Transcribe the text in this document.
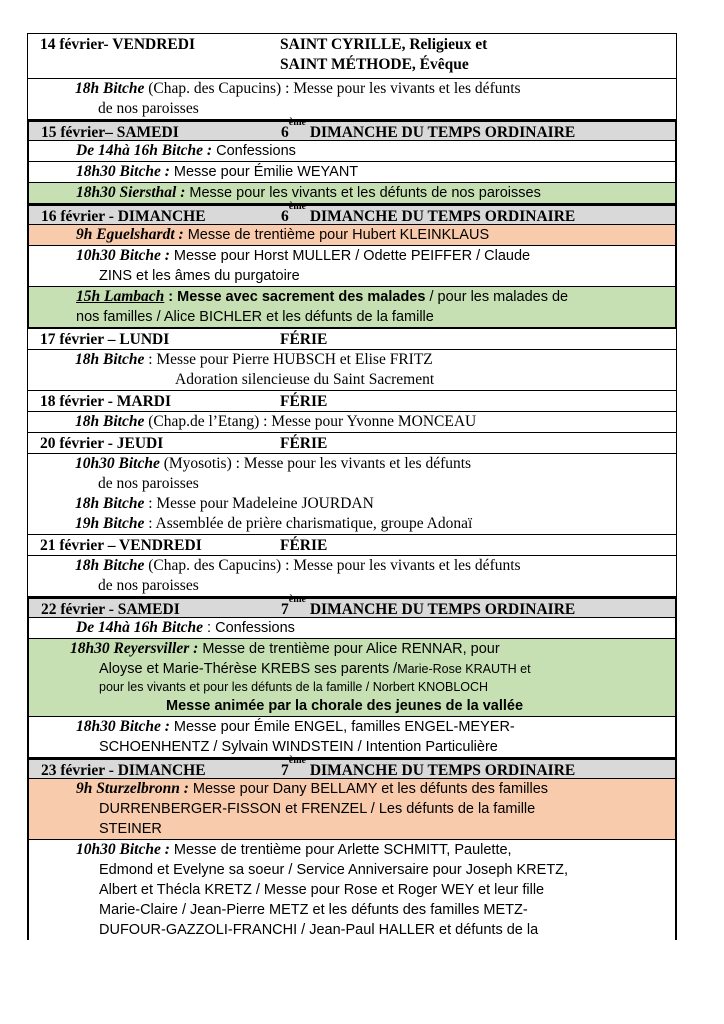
14 février- VENDREDI	SAINT CYRILLE, Religieux et
SAINT MÉTHODE, Évêque
18h Bitche (Chap. des Capucins) : Messe pour les vivants et les défunts
de nos paroisses
15 février– SAMEDI	6ème DIMANCHE DU TEMPS ORDINAIRE
De 14hà 16h Bitche : Confessions
18h30 Bitche : Messe pour Émilie WEYANT
18h30 Siersthal : Messe pour les vivants et les défunts de nos paroisses
16 février - DIMANCHE	6ème DIMANCHE DU TEMPS ORDINAIRE
9h Eguelshardt : Messe de trentième pour Hubert KLEINKLAUS
10h30 Bitche : Messe pour Horst MULLER / Odette PEIFFER / Claude
ZINS et les âmes du purgatoire
15h Lambach : Messe avec sacrement des malades / pour les malades de
nos familles / Alice BICHLER et les défunts de la famille
17 février – LUNDI	FÉRIE
18h Bitche : Messe pour Pierre HUBSCH et Elise FRITZ
Adoration silencieuse du Saint Sacrement
18 février - MARDI	FÉRIE
18h Bitche (Chap.de l’Etang) : Messe pour Yvonne MONCEAU
20 février - JEUDI	FÉRIE
10h30 Bitche (Myosotis) : Messe pour les vivants et les défunts
de nos paroisses
18h Bitche : Messe pour Madeleine JOURDAN
19h Bitche : Assemblée de prière charismatique, groupe Adonaï
21 février – VENDREDI	FÉRIE
18h Bitche (Chap. des Capucins) : Messe pour les vivants et les défunts
de nos paroisses
22 février - SAMEDI	7ème DIMANCHE DU TEMPS ORDINAIRE
De 14hà 16h Bitche : Confessions
18h30 Reyersviller : Messe de trentième pour Alice RENNAR, pour
Aloyse et Marie-Thérèse KREBS ses parents /Marie-Rose KRAUTH et
pour les vivants et pour les défunts de la famille / Norbert KNOBLOCH
Messe animée par la chorale des jeunes de la vallée
18h30 Bitche : Messe pour Émile ENGEL, familles ENGEL-MEYER-
SCHOENHENTZ / Sylvain WINDSTEIN / Intention Particulière
23 février - DIMANCHE	7ème DIMANCHE DU TEMPS ORDINAIRE
9h Sturzelbronn : Messe pour Dany BELLAMY et les défunts des familles
DURRENBERGER-FISSON et FRENZEL / Les défunts de la famille
STEINER
10h30 Bitche : Messe de trentième pour Arlette SCHMITT, Paulette,
Edmond et Evelyne sa soeur / Service Anniversaire pour Joseph KRETZ,
Albert et Thécla KRETZ / Messe pour Rose et Roger WEY et leur fille
Marie-Claire / Jean-Pierre METZ et les défunts des familles METZ-
DUFOUR-GAZZOLI-FRANCHI / Jean-Paul HALLER et défunts de la
